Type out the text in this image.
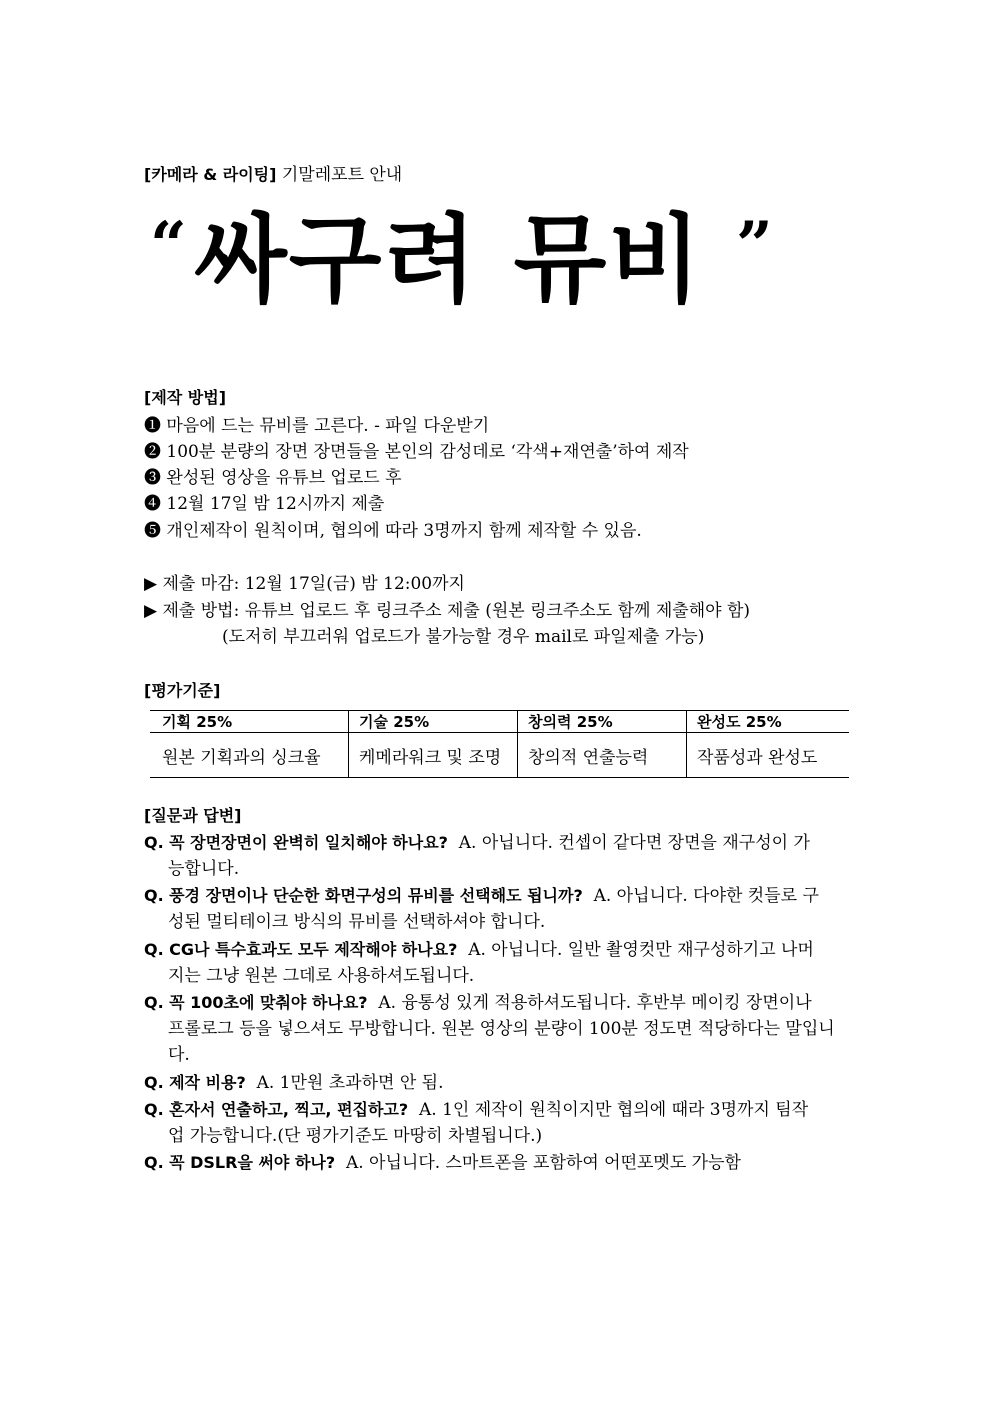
[카메라 & 라이팅] 기말레포트 안내
“ 싸구려 뮤비 ”
[제작 방법]
❶ 마음에 드는 뮤비를 고른다. - 파일 다운받기
❷ 100분 분량의 장면 장면들을 본인의 감성데로 ‘각색+재연출’하여 제작
❸ 완성된 영상을 유튜브 업로드 후
❹ 12월 17일 밤 12시까지 제출
❺ 개인제작이 원칙이며, 협의에 따라 3명까지 함께 제작할 수 있음.
▶ 제출 마감: 12월 17일(금) 밤 12:00까지
▶ 제출 방법: 유튜브 업로드 후 링크주소 제출 (원본 링크주소도 함께 제출해야 함)
(도저히 부끄러워 업로드가 불가능할 경우 mail로 파일제출 가능)
[평가기준]
기획 25%	기술 25%	창의력 25%	완성도 25%
원본 기획과의 싱크율	케메라워크 및 조명	창의적 연출능력	작품성과 완성도
[질문과 답변]
Q. 꼭 장면장면이 완벽히 일치해야 하나요? A. 아닙니다. 컨셉이 같다면 장면을 재구성이 가
능합니다.
Q. 풍경 장면이나 단순한 화면구성의 뮤비를 선택해도 됩니까? A. 아닙니다. 다야한 컷들로 구
성된 멀티테이크 방식의 뮤비를 선택하셔야 합니다.
Q. CG나 특수효과도 모두 제작해야 하나요? A. 아닙니다. 일반 촬영컷만 재구성하기고 나머
지는 그냥 원본 그데로 사용하셔도됩니다.
Q. 꼭 100초에 맞춰야 하나요? A. 융통성 있게 적용하셔도됩니다. 후반부 메이킹 장면이나
프롤로그 등을 넣으셔도 무방합니다. 원본 영상의 분량이 100분 정도면 적당하다는 말입니
다.
Q. 제작 비용? A. 1만원 초과하면 안 됨.
Q. 혼자서 연출하고, 찍고, 편집하고? A. 1인 제작이 원칙이지만 협의에 때라 3명까지 팀작
업 가능합니다.(단 평가기준도 마땅히 차별됩니다.)
Q. 꼭 DSLR을 써야 하나? A. 아닙니다. 스마트폰을 포함하여 어떤포멧도 가능함
